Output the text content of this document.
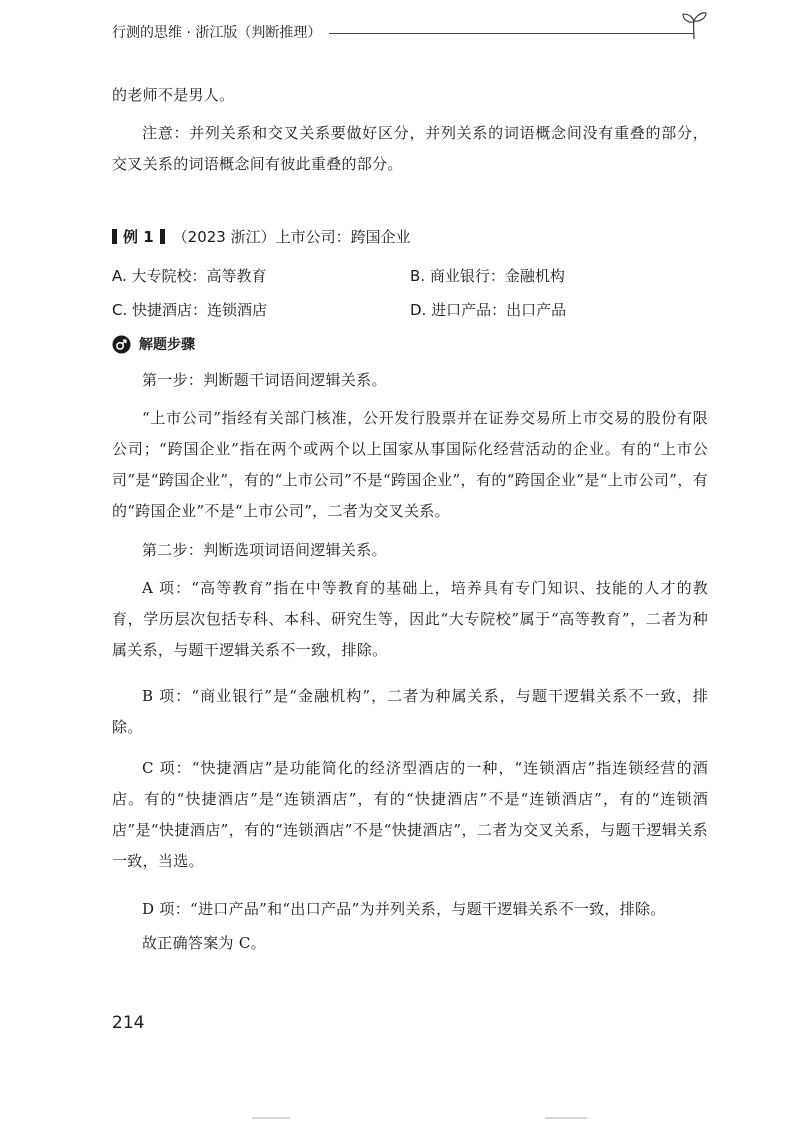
行测的思维 · 浙江版（判断推理）
的老师不是男人。
注意：并列关系和交叉关系要做好区分，并列关系的词语概念间没有重叠的部分，交叉关系的词语概念间有彼此重叠的部分。
例 1 （2023 浙江）上市公司：跨国企业
A. 大专院校：高等教育	B. 商业银行：金融机构
C. 快捷酒店：连锁酒店	D. 进口产品：出口产品
解题步骤
第一步：判断题干词语间逻辑关系。
“上市公司”指经有关部门核准，公开发行股票并在证券交易所上市交易的股份有限公司；“跨国企业”指在两个或两个以上国家从事国际化经营活动的企业。有的“上市公司”是“跨国企业”，有的“上市公司”不是“跨国企业”，有的“跨国企业”是“上市公司”，有的“跨国企业”不是“上市公司”，二者为交叉关系。
第二步：判断选项词语间逻辑关系。
A 项：“高等教育”指在中等教育的基础上，培养具有专门知识、技能的人才的教育，学历层次包括专科、本科、研究生等，因此“大专院校”属于“高等教育”，二者为种属关系，与题干逻辑关系不一致，排除。
B 项：“商业银行”是“金融机构”，二者为种属关系，与题干逻辑关系不一致，排除。
C 项：“快捷酒店”是功能简化的经济型酒店的一种，“连锁酒店”指连锁经营的酒店。有的“快捷酒店”是“连锁酒店”，有的“快捷酒店”不是“连锁酒店”，有的“连锁酒店”是“快捷酒店”，有的“连锁酒店”不是“快捷酒店”，二者为交叉关系，与题干逻辑关系一致，当选。
D 项：“进口产品”和“出口产品”为并列关系，与题干逻辑关系不一致，排除。
故正确答案为 C。
214
